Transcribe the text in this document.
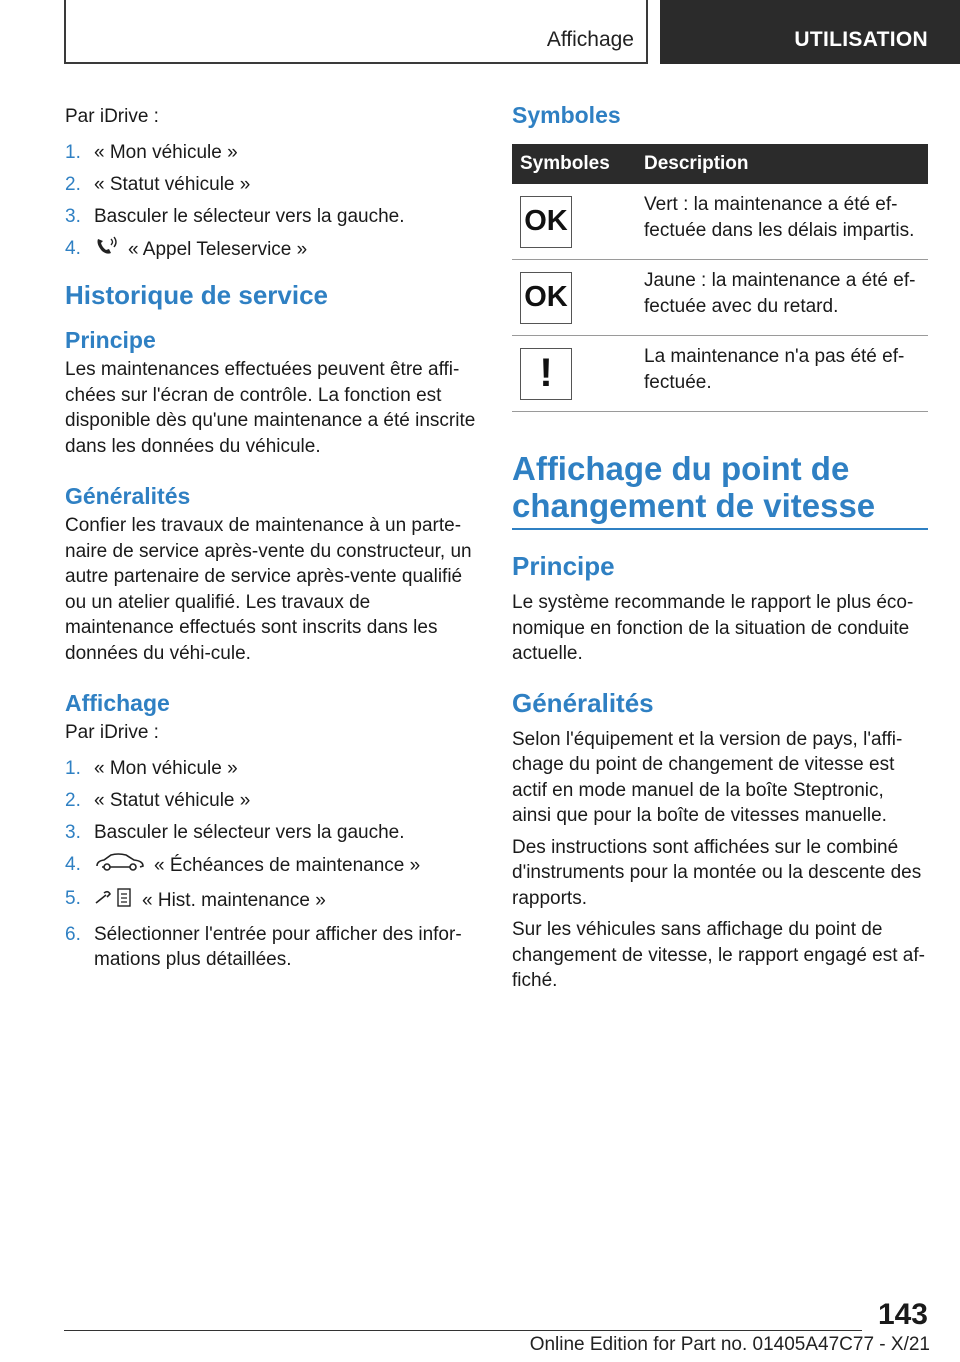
Affichage	UTILISATION

Par iDrive :

1. « Mon véhicule »
2. « Statut véhicule »
3. Basculer le sélecteur vers la gauche.
4. « Appel Teleservice »
Historique de service
Principe

Les maintenances effectuées peuvent être affi-chées sur l'écran de contrôle. La fonction est disponible dès qu'une maintenance a été inscrite dans les données du véhicule.

Généralités

Confier les travaux de maintenance à un parte-naire de service après-vente du constructeur, un autre partenaire de service après-vente qualifié ou un atelier qualifié. Les travaux de maintenance effectués sont inscrits dans les données du véhi-cule.

Affichage

Par iDrive :

1. « Mon véhicule »
2. « Statut véhicule »
3. Basculer le sélecteur vers la gauche.
4.	« Échéances de maintenance »
5.	« Hist. maintenance »
6. Sélectionner l'entrée pour afficher des infor-mations plus détaillées.
Symboles
Symboles	Description

OK	Vert : la maintenance a été ef-fectuée dans les délais impartis.

OK	Jaune : la maintenance a été ef-fectuée avec du retard.

!	La maintenance n'a pas été ef-fectuée.
Affichage du point de changement de vitesse
Principe

Le système recommande le rapport le plus éco-nomique en fonction de la situation de conduite actuelle.

Généralités

Selon l'équipement et la version de pays, l'affi-chage du point de changement de vitesse est actif en mode manuel de la boîte Steptronic, ainsi que pour la boîte de vitesses manuelle.

Des instructions sont affichées sur le combiné d'instruments pour la montée ou la descente des rapports.

Sur les véhicules sans affichage du point de changement de vitesse, le rapport engagé est af-fiché.

143
Online Edition for Part no. 01405A47C77 - X/21
